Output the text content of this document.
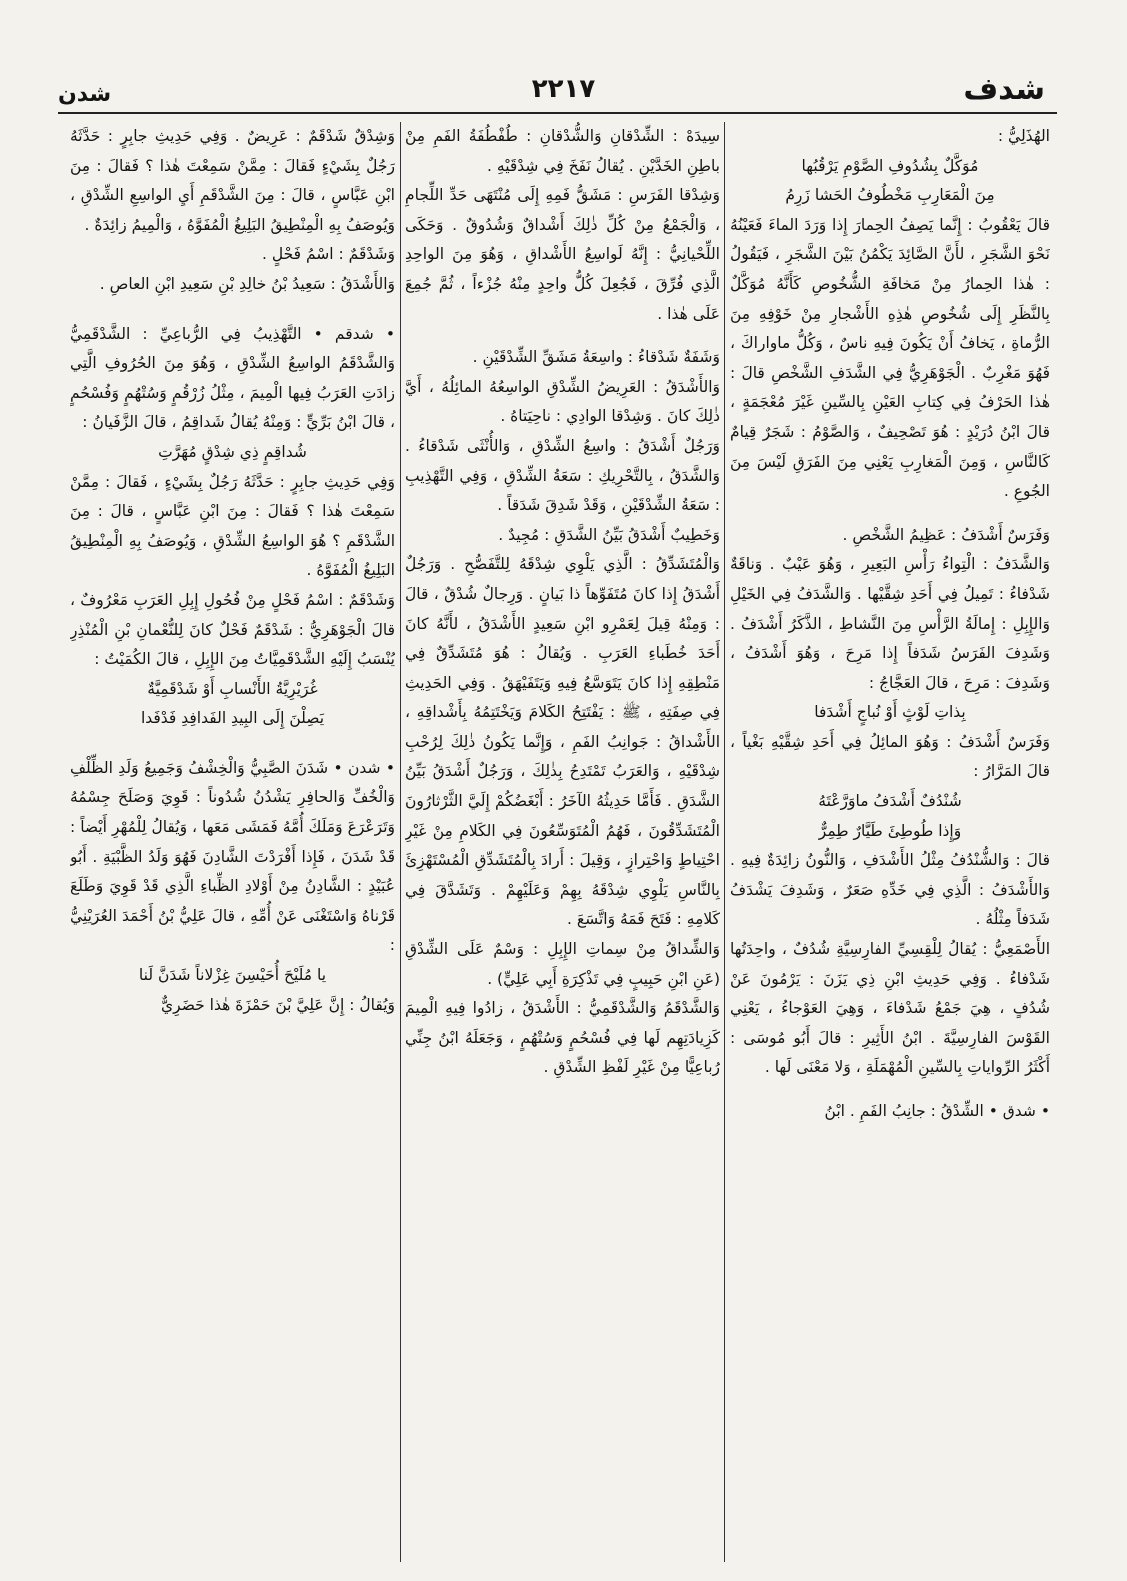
شدف
٢٢١٧
شدن

الهُذَلِيُّ :

مُوَكَّلٌ بِشُدُوفِ الصَّوْمِ يَرْقُبُها

مِنَ الْمَعَارِبِ مَخْطُوفُ الحَشا زَرِمُ

قالَ يَعْقُوبُ : إِنَّما يَصِفُ الحِمارَ إِذا وَرَدَ الماءَ فَعَيْنُهُ نَحْوَ الشَّجَرِ ، لأَنَّ الصَّائِدَ يَكْمُنُ بَيْنَ الشَّجَرِ ، فَيَقُولُ : هٰذا الحِمارُ مِنْ مَخافَةِ الشُّخُوصِ كَأَنَّهُ مُوَكَّلٌ بِالنَّظَرِ إِلَى شُخُوصِ هٰذِهِ الأَشْجارِ مِنْ خَوْفِهِ مِنَ الرُّماةِ ، يَخافُ أَنْ يَكُونَ فِيهِ ناسٌ ، وَكُلُّ ماواراكَ ، فَهُوَ مَغْرِبٌ . الْجَوْهَرِيُّ فِي الشَّدَفِ الشَّخْصِ قالَ : هٰذا الحَرْفُ فِي كِتابِ العَيْنِ بِالسِّينِ غَيْرَ مُعْجَمَةٍ ، قالَ ابْنُ دُرَيْدٍ : هُوَ تَصْحِيفٌ ، وَالصَّوْمُ : شَجَرٌ قِيامٌ كَالنَّاسِ ، وَمِنَ الْمَغارِبِ يَعْنِي مِنَ الفَرَقِ لَيْسَ مِنَ الجُوعِ .

وَفَرَسٌ أَشْدَفُ : عَظِيمُ الشَّخْصِ .

وَالشَّدَفُ : الْتِواءُ رَأْسِ البَعِيرِ ، وَهُوَ عَيْبٌ . وَناقَةٌ شَدْفاءُ : تَمِيلُ فِي أَحَدِ شِقَّيْها . وَالشَّدَفُ فِي الخَيْلِ وَالإِبِلِ : إِمالَةُ الرَّأْسِ مِنَ النَّشاطِ ، الذَّكَرُ أَشْدَفُ . وَشَدِفَ الفَرَسُ شَدَفاً إِذا مَرِحَ ، وَهُوَ أَشْدَفُ ، وَشَدِفَ : مَرِحَ ، قالَ العَجَّاجُ :

بِذاتِ لَوْثٍ أَوْ نُباجٍ أَشْدَفا

وَفَرَسٌ أَشْدَفُ : وَهُوَ المائِلُ فِي أَحَدِ شِقَّيْهِ بَغْياً ، قالَ المَرَّارُ :

شُنْدُفٌ أَشْدَفُ ماوَرَّعْتَهُ

وَإِذا طُوطِئَ طَيَّارٌ طِمِرٌّ

قالَ : وَالشُّنْدُفُ مِثْلُ الأَشْدَفِ ، وَالنُّونُ زائِدَةٌ فِيهِ . وَالأَشْدَفُ : الَّذِي فِي خَدِّهِ صَعَرٌ ، وَشَدِفَ يَشْدَفُ شَدَفاً مِثْلُهُ .

الأَصْمَعِيُّ : يُقالُ لِلْقِسِيِّ الفارِسِيَّةِ شُدُفٌ ، واحِدَتُها شَدْفاءُ . وَفِي حَدِيثِ ابْنِ ذِي يَزَنَ : يَرْمُونَ عَنْ شُدُفٍ ، هِيَ جَمْعُ شَدْفاءَ ، وَهِيَ العَوْجاءُ ، يَعْنِي القَوْسَ الفارِسِيَّةَ . ابْنُ الأَثِيرِ : قالَ أَبُو مُوسَى : أَكْثَرُ الرِّواياتِ بِالسِّينِ الْمُهْمَلَةِ ، وَلا مَعْنَى لَها .

• شدق • الشِّدْقُ : جانِبُ الفَمِ . ابْنُ

سِيدَهْ : الشِّدْقانِ وَالشُّدْقانِ : طُفْطُفَةُ الفَمِ مِنْ باطِنِ الخَدَّيْنِ . يُقالُ نَفَخَ فِي شِدْقَيْهِ .

وَشِدْقا الفَرَسِ : مَشَقُّ فَمِهِ إِلَى مُنْتَهَى حَدِّ اللِّجامِ ، وَالْجَمْعُ مِنْ كُلِّ ذٰلِكَ أَشْداقٌ وَشُدُوقٌ . وَحَكَى اللِّحْيانِيُّ : إِنَّهُ لَواسِعُ الأَشْداقِ ، وَهُوَ مِنَ الواحِدِ الَّذِي فُرِّقَ ، فَجُعِلَ كُلُّ واحِدٍ مِنْهُ جُزْءاً ، ثُمَّ جُمِعَ عَلَى هٰذا .

وَشَفَةٌ شَدْقاءُ : واسِعَةُ مَشَقِّ الشِّدْقَيْنِ .

وَالأَشْدَقُ : العَرِيضُ الشِّدْقِ الواسِعُهُ المائِلُهُ ، أَيَّ ذٰلِكَ كانَ . وَشِدْقا الوادِي : ناحِيَتاهُ .

وَرَجُلٌ أَشْدَقُ : واسِعُ الشِّدْقِ ، وَالأُنْثَى شَدْقاءُ . وَالشَّدَقُ ، بِالتَّحْرِيكِ : سَعَةُ الشِّدْقِ ، وَفِي التَّهْذِيبِ : سَعَةُ الشِّدْقَيْنِ ، وَقَدْ شَدِقَ شَدَقاً .

وَخَطِيبٌ أَشْدَقُ بَيِّنُ الشَّدَقِ : مُجِيدٌ .

وَالْمُتَشَدِّقُ : الَّذِي يَلْوِي شِدْقَهُ لِلتَّفَصُّحِ . وَرَجُلٌ أَشْدَقُ إِذا كانَ مُتَفَوِّهاً ذا بَيانٍ . وَرِجالٌ شُدْقٌ ، قالَ : وَمِنْهُ قِيلَ لِعَمْرِو ابْنِ سَعِيدٍ الأَشْدَقُ ، لأَنَّهُ كانَ أَحَدَ خُطَباءِ العَرَبِ . وَيُقالُ : هُوَ مُتَشَدِّقٌ فِي مَنْطِقِهِ إِذا كانَ يَتَوَسَّعُ فِيهِ وَيَتَفَيْهَقُ . وَفِي الحَدِيثِ فِي صِفَتِهِ ، ﷺ : يَفْتَتِحُ الكَلامَ وَيَخْتَتِمُهُ بِأَشْداقِهِ ، الأَشْداقُ : جَوانِبُ الفَمِ ، وَإِنَّما يَكُونُ ذٰلِكَ لِرُحْبِ شِدْقَيْهِ ، وَالعَرَبُ تَمْتَدِحُ بِذٰلِكَ ، وَرَجُلٌ أَشْدَقُ بَيِّنُ الشَّدَقِ . فَأَمَّا حَدِيثُهُ الآخَرُ : أَبْغَضُكُمْ إِلَيَّ الثَّرْثارُونَ الْمُتَشَدِّقُونَ ، فَهُمُ الْمُتَوَسِّعُونَ فِي الكَلامِ مِنْ غَيْرِ احْتِياطٍ وَاحْتِرازٍ ، وَقِيلَ : أَرادَ بِالْمُتَشَدِّقِ الْمُسْتَهْزِئَ بِالنَّاسِ يَلْوِي شِدْقَهُ بِهِمْ وَعَلَيْهِمْ . وَتَشَدَّقَ فِي كَلامِهِ : فَتَحَ فَمَهُ وَاتَّسَعَ .

وَالشِّداقُ مِنْ سِماتِ الإِبِلِ : وَسْمٌ عَلَى الشِّدْقِ (عَنِ ابْنِ حَبِيبٍ فِي تَذْكِرَةِ أَبِي عَلِيٍّ) .

وَالشَّدْقَمُ وَالشَّدْقَمِيُّ : الأَشْدَقُ ، زادُوا فِيهِ الْمِيمَ كَزِيادَتِهِم لَها فِي فُسْحُمٍ وَسُتْهُمٍ ، وَجَعَلَهُ ابْنُ جِنِّي رُباعِيًّا مِنْ غَيْرِ لَفْظِ الشِّدْقِ .

وَشِدْقٌ شَدْقَمٌ : عَرِيضٌ . وَفِي حَدِيثِ جابِرٍ : حَدَّثَهُ رَجُلٌ بِشَيْءٍ فَقالَ : مِمَّنْ سَمِعْتَ هٰذا ؟ فَقالَ : مِنَ ابْنِ عَبَّاسٍ ، قالَ : مِنَ الشَّدْقَمِ أَيِ الواسِعِ الشِّدْقِ ، وَيُوصَفُ بِهِ الْمِنْطِيقُ البَلِيغُ الْمُفَوَّهُ ، وَالْمِيمُ زائِدَةٌ .

وَشَدْقَمٌ : اسْمُ فَحْلٍ .

وَالأَشْدَقُ : سَعِيدُ بْنُ خالِدِ بْنِ سَعِيدِ ابْنِ العاصِ .

• شدقم • التَّهْذِيبُ فِي الرُّباعِيِّ : الشَّدْقَمِيُّ وَالشَّدْقَمُ الواسِعُ الشِّدْقِ ، وَهُوَ مِنَ الحُرُوفِ الَّتِي زادَتِ العَرَبُ فِيها الْمِيمَ ، مِثْلُ زُرْقُمٍ وَسُتْهُمٍ وَفُسْحُمٍ ، قالَ ابْنُ بَرِّيٍّ : وَمِنْهُ يُقالُ شَداقِمُ ، قالَ الزَّفَيانُ :

شُداقِمٍ ذِي شِدْقٍ مُهَرَّتِ

وَفِي حَدِيثِ جابِرٍ : حَدَّثَهُ رَجُلٌ بِشَيْءٍ ، فَقالَ : مِمَّنْ سَمِعْتَ هٰذا ؟ فَقالَ : مِنَ ابْنِ عَبَّاسٍ ، قالَ : مِنَ الشَّدْقَمِ ؟ هُوَ الواسِعُ الشِّدْقِ ، وَيُوصَفُ بِهِ الْمِنْطِيقُ البَلِيغُ الْمُفَوَّهُ .

وَشَدْقَمٌ : اسْمُ فَحْلٍ مِنْ فُحُولِ إِبِلِ العَرَبِ مَعْرُوفٌ ، قالَ الْجَوْهَرِيُّ : شَدْقَمٌ فَحْلٌ كانَ لِلنُّعْمانِ بْنِ الْمُنْذِرِ يُنْسَبُ إِلَيْهِ الشَّدْقَمِيَّاتُ مِنَ الإِبِلِ ، قالَ الكُمَيْتُ :

غُرَيْرِيَّةُ الأَنْسابِ أَوْ شَدْقَمِيَّةٌ

يَصِلْنَ إِلَى البِيدِ الفَدافِدِ فَدْفَدا

• شدن • شَدَنَ الصَّبِيُّ وَالْخِشْفُ وَجَمِيعُ وَلَدِ الظِّلْفِ وَالْخُفِّ وَالحافِرِ يَشْدُنُ شُدُوناً : قَوِيَ وَصَلَحَ جِسْمُهُ وَتَرَعْرَعَ وَمَلَكَ أُمَّهُ فَمَشَى مَعَها ، وَيُقالُ لِلْمُهْرِ أَيْضاً : قَدْ شَدَنَ ، فَإِذا أَفْرَدْتَ الشَّادِنَ فَهُوَ وَلَدُ الظَّبْيَةِ . أَبُو عُبَيْدٍ : الشَّادِنُ مِنْ أَوْلادِ الظِّباءِ الَّذِي قَدْ قَوِيَ وَطَلَعَ قَرْناهُ وَاسْتَغْنَى عَنْ أُمِّهِ ، قالَ عَلِيُّ بْنُ أَحْمَدَ العُرَيْنِيُّ :

يا مُلَيْحَ أُحَيْسِنَ غِزْلاناً شَدَنَّ لَنا

وَيُقالُ : إِنَّ عَلِيَّ بْنَ حَمْزَةَ هٰذا حَضَرِيٌّ
